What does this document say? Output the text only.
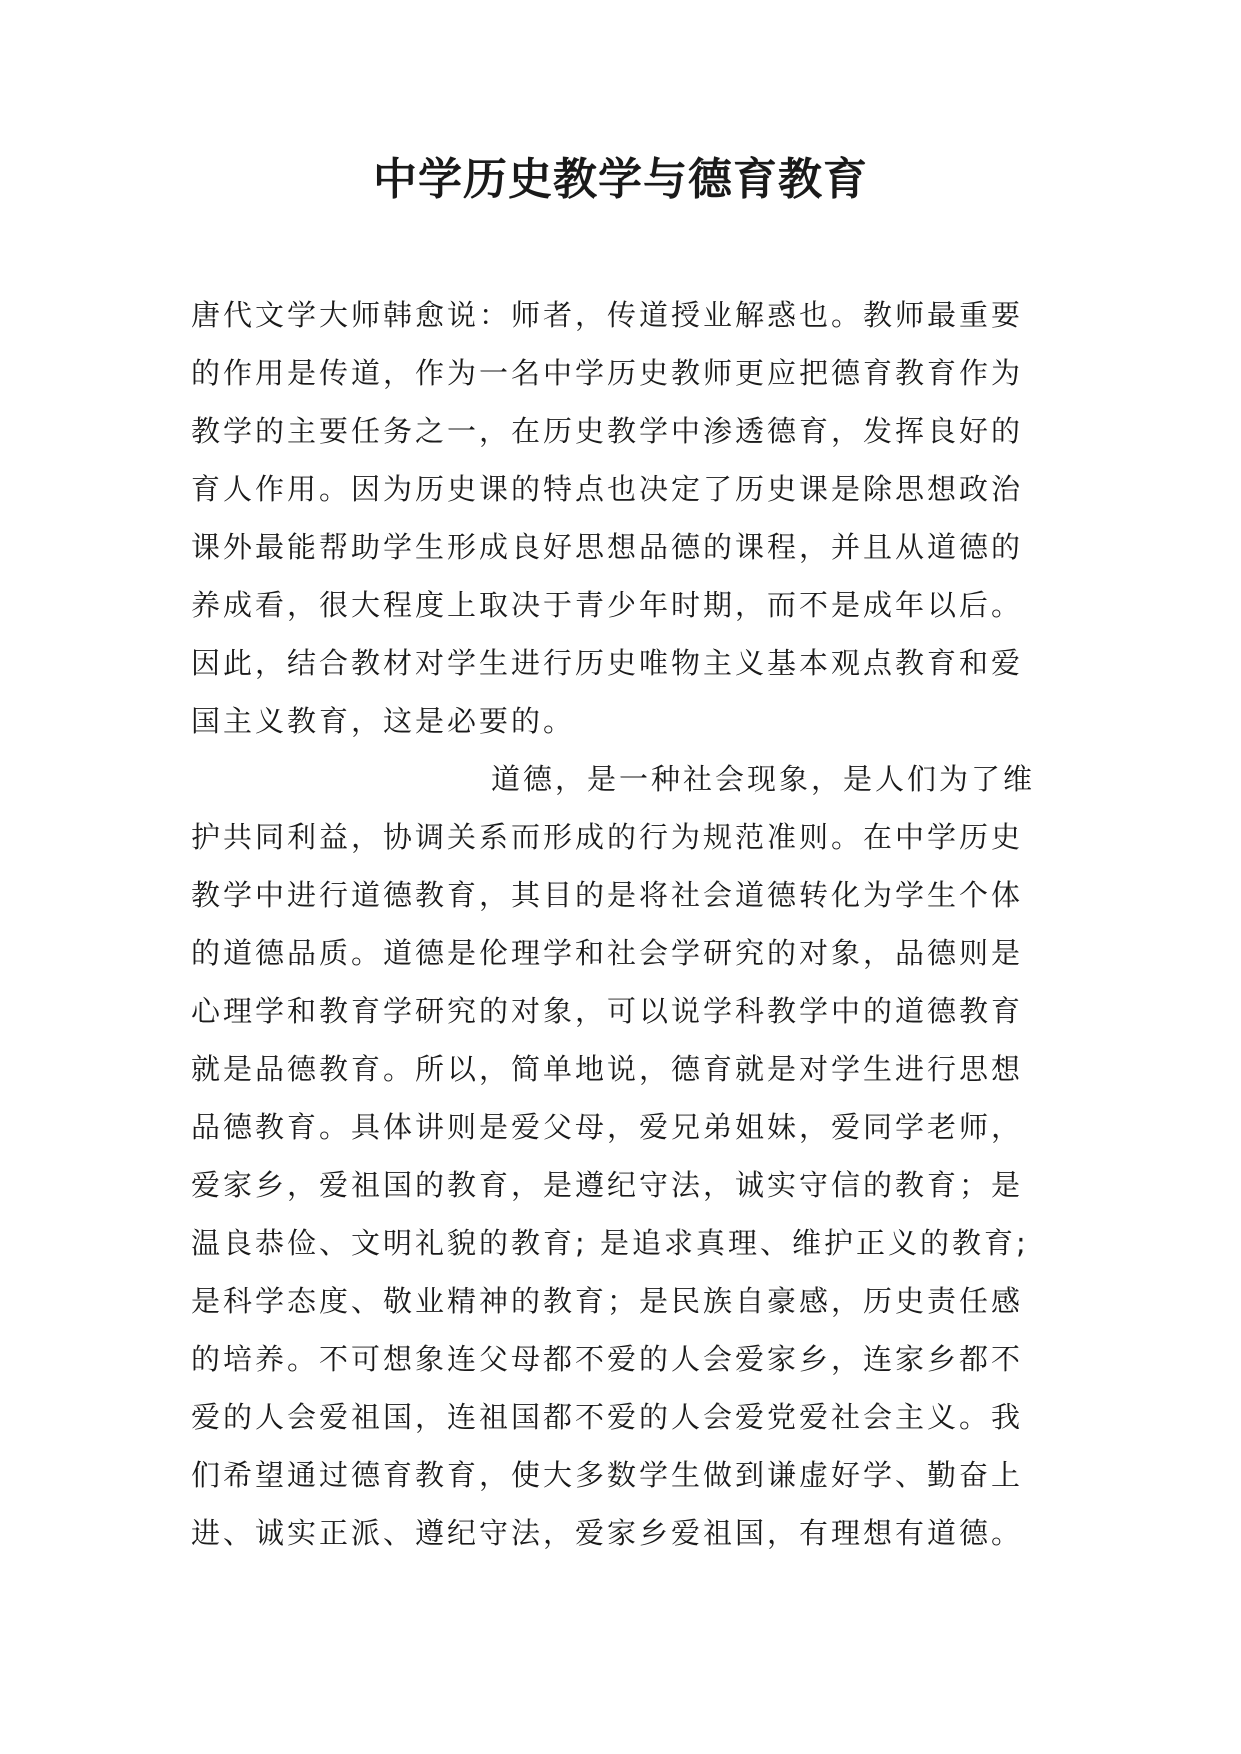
中学历史教学与德育教育
唐代文学大师韩愈说：师者，传道授业解惑也。教师最重要
的作用是传道，作为一名中学历史教师更应把德育教育作为
教学的主要任务之一，在历史教学中渗透德育，发挥良好的
育人作用。因为历史课的特点也决定了历史课是除思想政治
课外最能帮助学生形成良好思想品德的课程，并且从道德的
养成看，很大程度上取决于青少年时期，而不是成年以后。
因此，结合教材对学生进行历史唯物主义基本观点教育和爱
国主义教育，这是必要的。
道德，是一种社会现象，是人们为了维
护共同利益，协调关系而形成的行为规范准则。在中学历史
教学中进行道德教育，其目的是将社会道德转化为学生个体
的道德品质。道德是伦理学和社会学研究的对象，品德则是
心理学和教育学研究的对象，可以说学科教学中的道德教育
就是品德教育。所以，简单地说，德育就是对学生进行思想
品德教育。具体讲则是爱父母，爱兄弟姐妹，爱同学老师，
爱家乡，爱祖国的教育，是遵纪守法，诚实守信的教育；是
温良恭俭、文明礼貌的教育; 是追求真理、维护正义的教育;
是科学态度、敬业精神的教育；是民族自豪感，历史责任感
的培养。不可想象连父母都不爱的人会爱家乡，连家乡都不
爱的人会爱祖国，连祖国都不爱的人会爱党爱社会主义。我
们希望通过德育教育，使大多数学生做到谦虚好学、勤奋上
进、诚实正派、遵纪守法，爱家乡爱祖国，有理想有道德。
